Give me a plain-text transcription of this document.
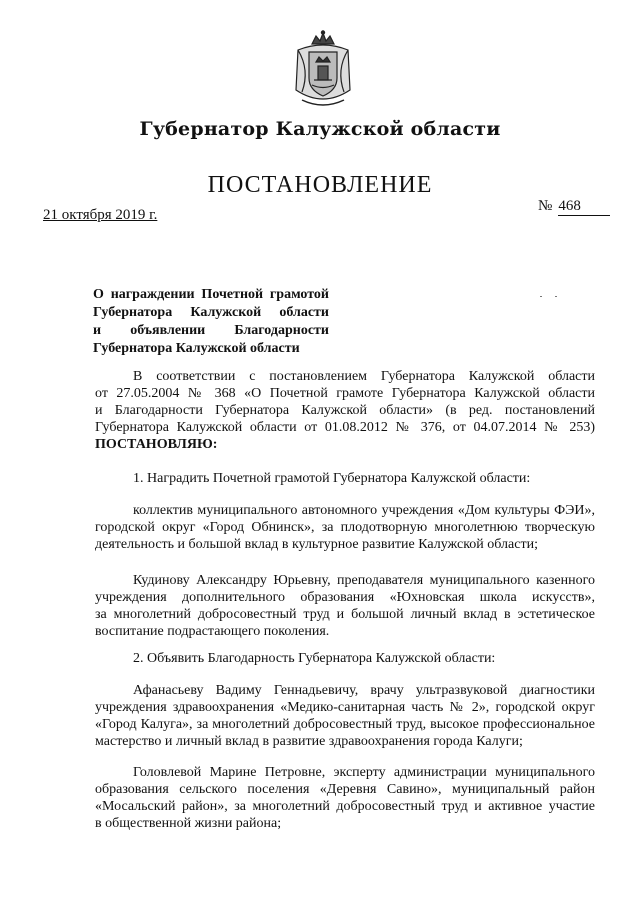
Губернатор Калужской области
ПОСТАНОВЛЕНИЕ
21 октября 2019 г.
№ 468
О награждении Почетной грамотой
Губернатора Калужской области
и объявлении Благодарности
Губернатора Калужской области
В соответствии с постановлением Губернатора Калужской области
от 27.05.2004 № 368 «О Почетной грамоте Губернатора Калужской области
и Благодарности Губернатора Калужской области» (в ред. постановлений
Губернатора Калужской области от 01.08.2012 № 376, от 04.07.2014 № 253)
ПОСТАНОВЛЯЮ:
1. Наградить Почетной грамотой Губернатора Калужской области:
коллектив муниципального автономного учреждения «Дом культуры ФЭИ»,
городской округ «Город Обнинск», за плодотворную многолетнюю творческую
деятельность и большой вклад в культурное развитие Калужской области;
Кудинову Александру Юрьевну, преподавателя муниципального казенного
учреждения дополнительного образования «Юхновская школа искусств»,
за многолетний добросовестный труд и большой личный вклад в эстетическое
воспитание подрастающего поколения.
2. Объявить Благодарность Губернатора Калужской области:
Афанасьеву Вадиму Геннадьевичу, врачу ультразвуковой диагностики
учреждения здравоохранения «Медико-санитарная часть № 2», городской округ
«Город Калуга», за многолетний добросовестный труд, высокое профессиональное
мастерство и личный вклад в развитие здравоохранения города Калуги;
Головлевой Марине Петровне, эксперту администрации муниципального
образования сельского поселения «Деревня Савино», муниципальный район
«Мосальский район», за многолетний добросовестный труд и активное участие
в общественной жизни района;
